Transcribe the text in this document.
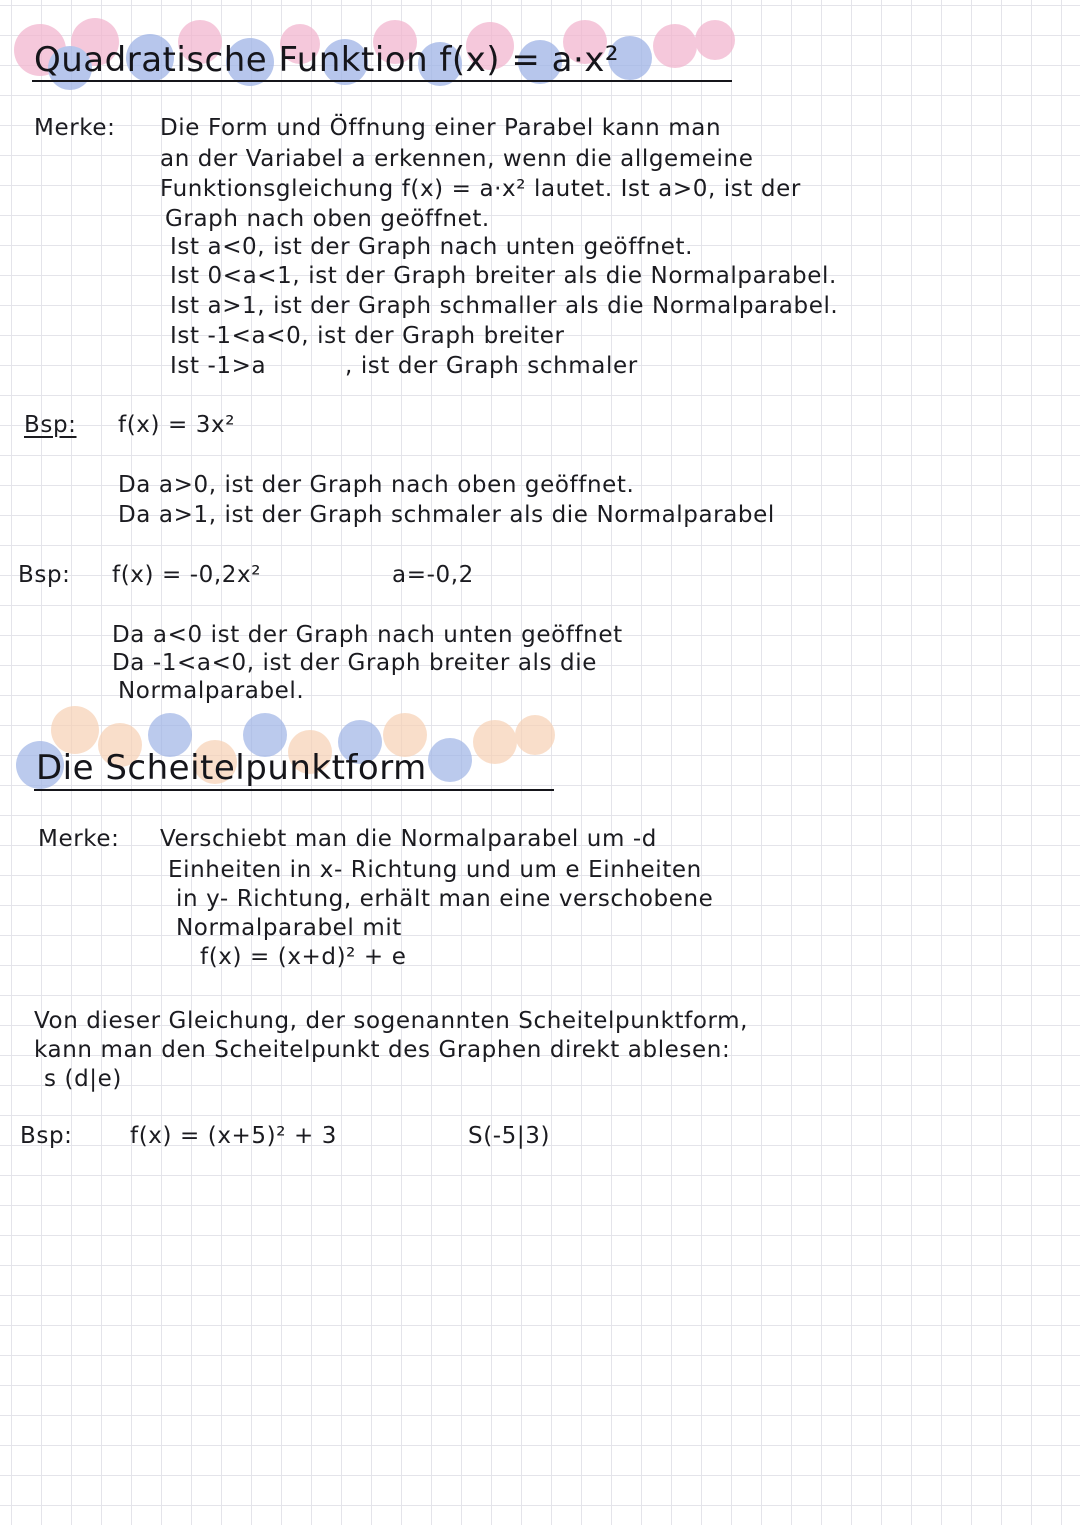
Quadratische Funktion f(x) = a·x²
Merke: Die Form und Öffnung einer Parabel kann man
an der Variabel a erkennen, wenn die allgemeine
Funktionsgleichung f(x) = a·x² lautet. Ist a>0, ist der
Graph nach oben geöffnet.
Ist a<0, ist der Graph nach unten geöffnet.
Ist 0<a<1, ist der Graph breiter als die Normalparabel.
Ist a>1, ist der Graph schmaller als die Normalparabel.
Ist -1<a<0, ist der Graph breiter
Ist -1>a	, ist der Graph schmaler
Bsp: f(x) = 3x²
Da a>0, ist der Graph nach oben geöffnet.
Da a>1, ist der Graph schmaler als die Normalparabel
Bsp: f(x) = -0,2x²	a=-0,2
Da a<0 ist der Graph nach unten geöffnet
Da -1<a<0, ist der Graph breiter als die
Normalparabel.
Die Scheitelpunktform
Merke: Verschiebt man die Normalparabel um -d
Einheiten in x- Richtung und um e Einheiten
in y- Richtung, erhält man eine verschobene
Normalparabel mit
f(x) = (x+d)² + e
Von dieser Gleichung, der sogenannten Scheitelpunktform,
kann man den Scheitelpunkt des Graphen direkt ablesen:
s (d|e)
Bsp: f(x) = (x+5)² + 3	S(-5|3)
